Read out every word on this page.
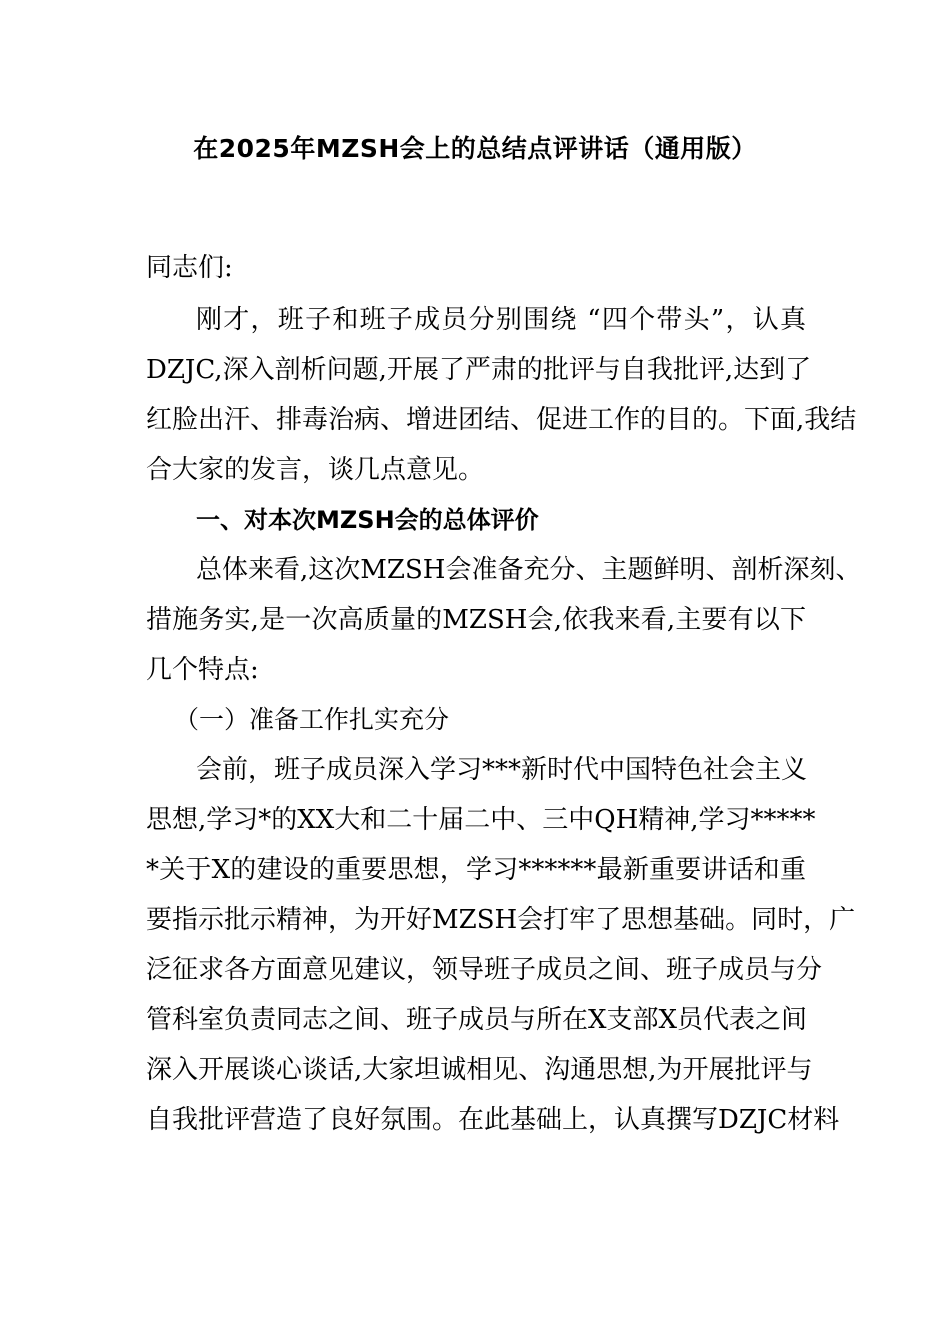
在2025年MZSH会上的总结点评讲话（通用版）
同志们:
刚才，班子和班子成员分别围绕 “四个带头”，认真
DZJC,深入剖析问题,开展了严肃的批评与自我批评,达到了
红脸出汗、排毒治病、增进团结、促进工作的目的。下面,我结
合大家的发言，谈几点意见。
一、对本次MZSH会的总体评价
总体来看,这次MZSH会准备充分、主题鲜明、剖析深刻、
措施务实,是一次高质量的MZSH会,依我来看,主要有以下
几个特点:
（一）准备工作扎实充分
会前，班子成员深入学习***新时代中国特色社会主义
思想,学习*的XX大和二十届二中、三中QH精神,学习*****
*关于X的建设的重要思想，学习******最新重要讲话和重
要指示批示精神，为开好MZSH会打牢了思想基础。同时，广
泛征求各方面意见建议，领导班子成员之间、班子成员与分
管科室负责同志之间、班子成员与所在X支部X员代表之间
深入开展谈心谈话,大家坦诚相见、沟通思想,为开展批评与
自我批评营造了良好氛围。在此基础上，认真撰写DZJC材料
